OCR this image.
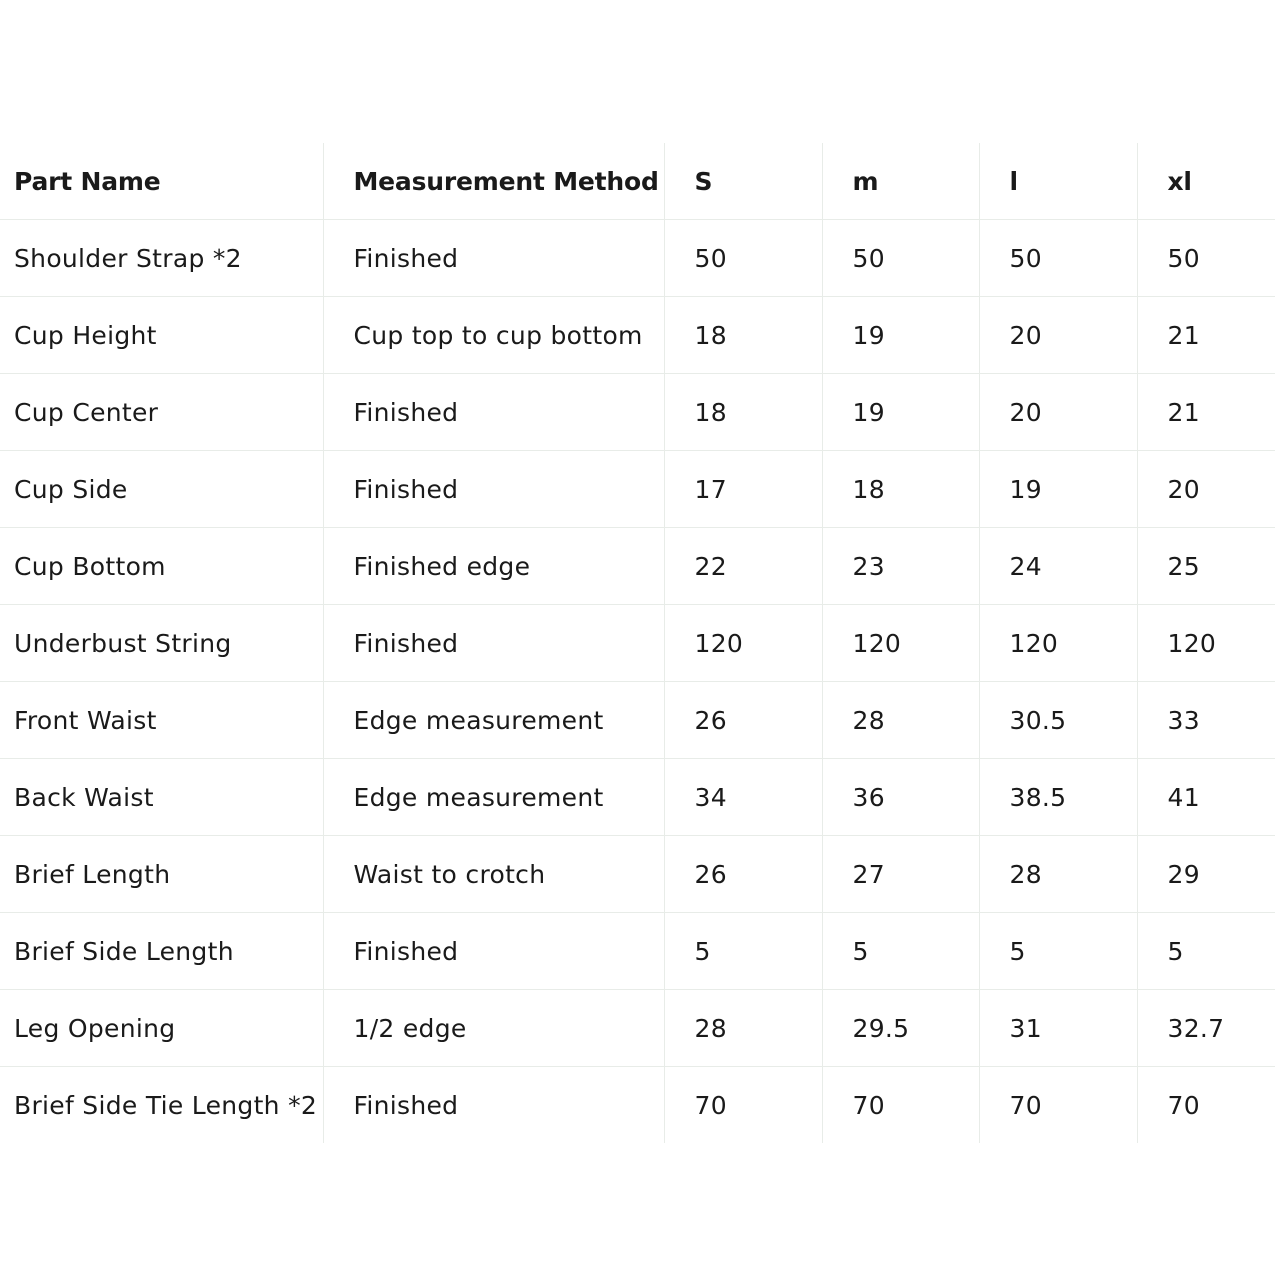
Part Name	Measurement Method	S	m	l	xl
Shoulder Strap *2	Finished	50	50	50	50
Cup Height	Cup top to cup bottom	18	19	20	21
Cup Center	Finished	18	19	20	21
Cup Side	Finished	17	18	19	20
Cup Bottom	Finished edge	22	23	24	25
Underbust String	Finished	120	120	120	120
Front Waist	Edge measurement	26	28	30.5	33
Back Waist	Edge measurement	34	36	38.5	41
Brief Length	Waist to crotch	26	27	28	29
Brief Side Length	Finished	5	5	5	5
Leg Opening	1/2 edge	28	29.5	31	32.7
Brief Side Tie Length *2	Finished	70	70	70	70
